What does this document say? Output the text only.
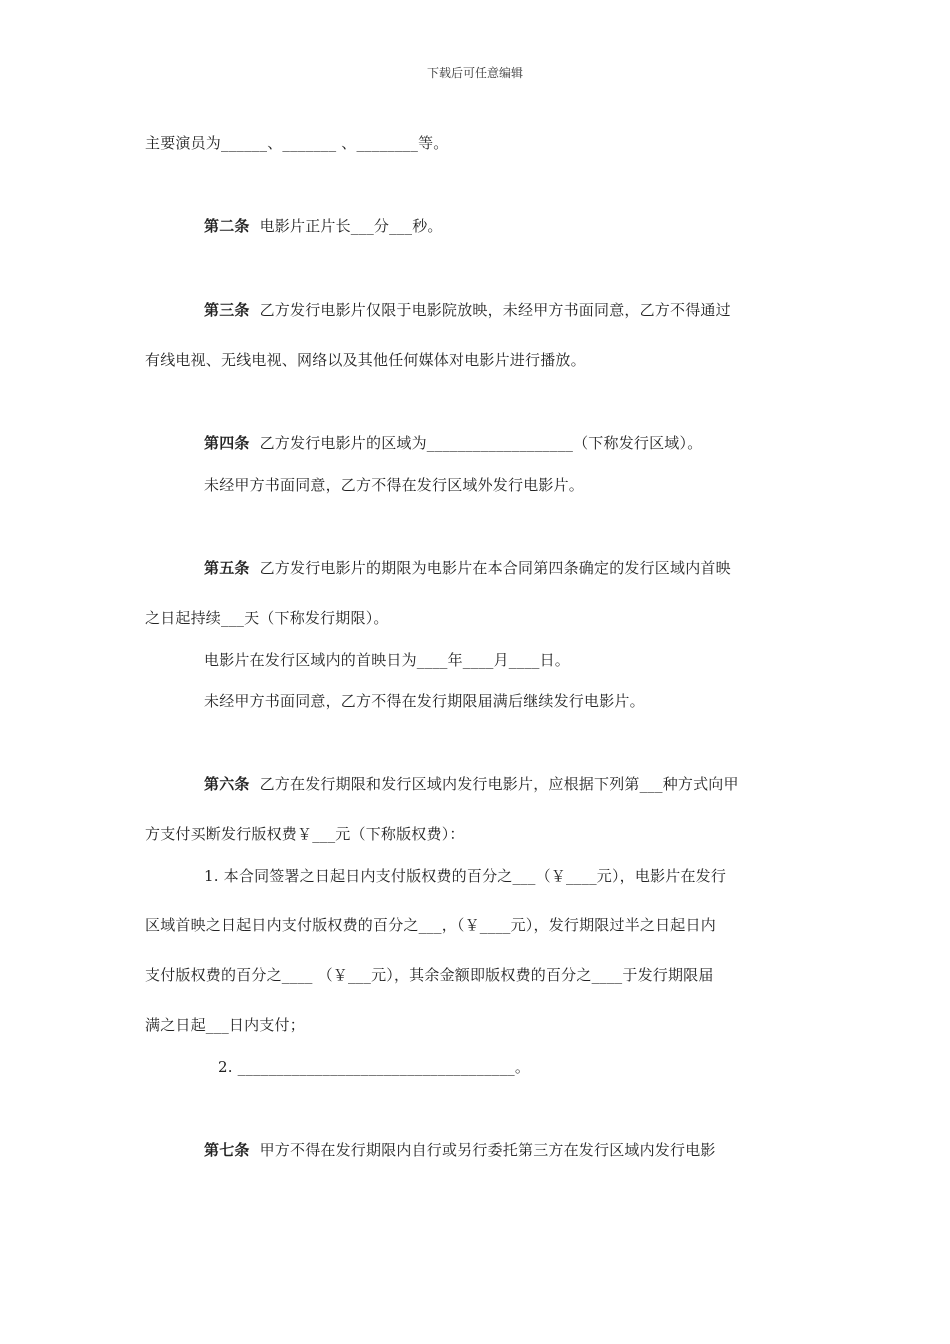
下载后可任意编辑
主要演员为______、_______ 、________等。
第二条 电影片正片长___分___秒。
第三条 乙方发行电影片仅限于电影院放映，未经甲方书面同意，乙方不得通过
有线电视、无线电视、网络以及其他任何媒体对电影片进行播放。
第四条 乙方发行电影片的区域为___________________（下称发行区域）。
未经甲方书面同意，乙方不得在发行区域外发行电影片。
第五条 乙方发行电影片的期限为电影片在本合同第四条确定的发行区域内首映
之日起持续___天（下称发行期限）。
电影片在发行区域内的首映日为____年____月____日。
未经甲方书面同意，乙方不得在发行期限届满后继续发行电影片。
第六条 乙方在发行期限和发行区域内发行电影片，应根据下列第___种方式向甲
方支付买断发行版权费￥___元（下称版权费）：
1. 本合同签署之日起日内支付版权费的百分之___（￥____元），电影片在发行
区域首映之日起日内支付版权费的百分之___，（￥____元），发行期限过半之日起日内
支付版权费的百分之____ （￥___元），其余金额即版权费的百分之____于发行期限届
满之日起___日内支付；
2. ____________________________________。
第七条 甲方不得在发行期限内自行或另行委托第三方在发行区域内发行电影
